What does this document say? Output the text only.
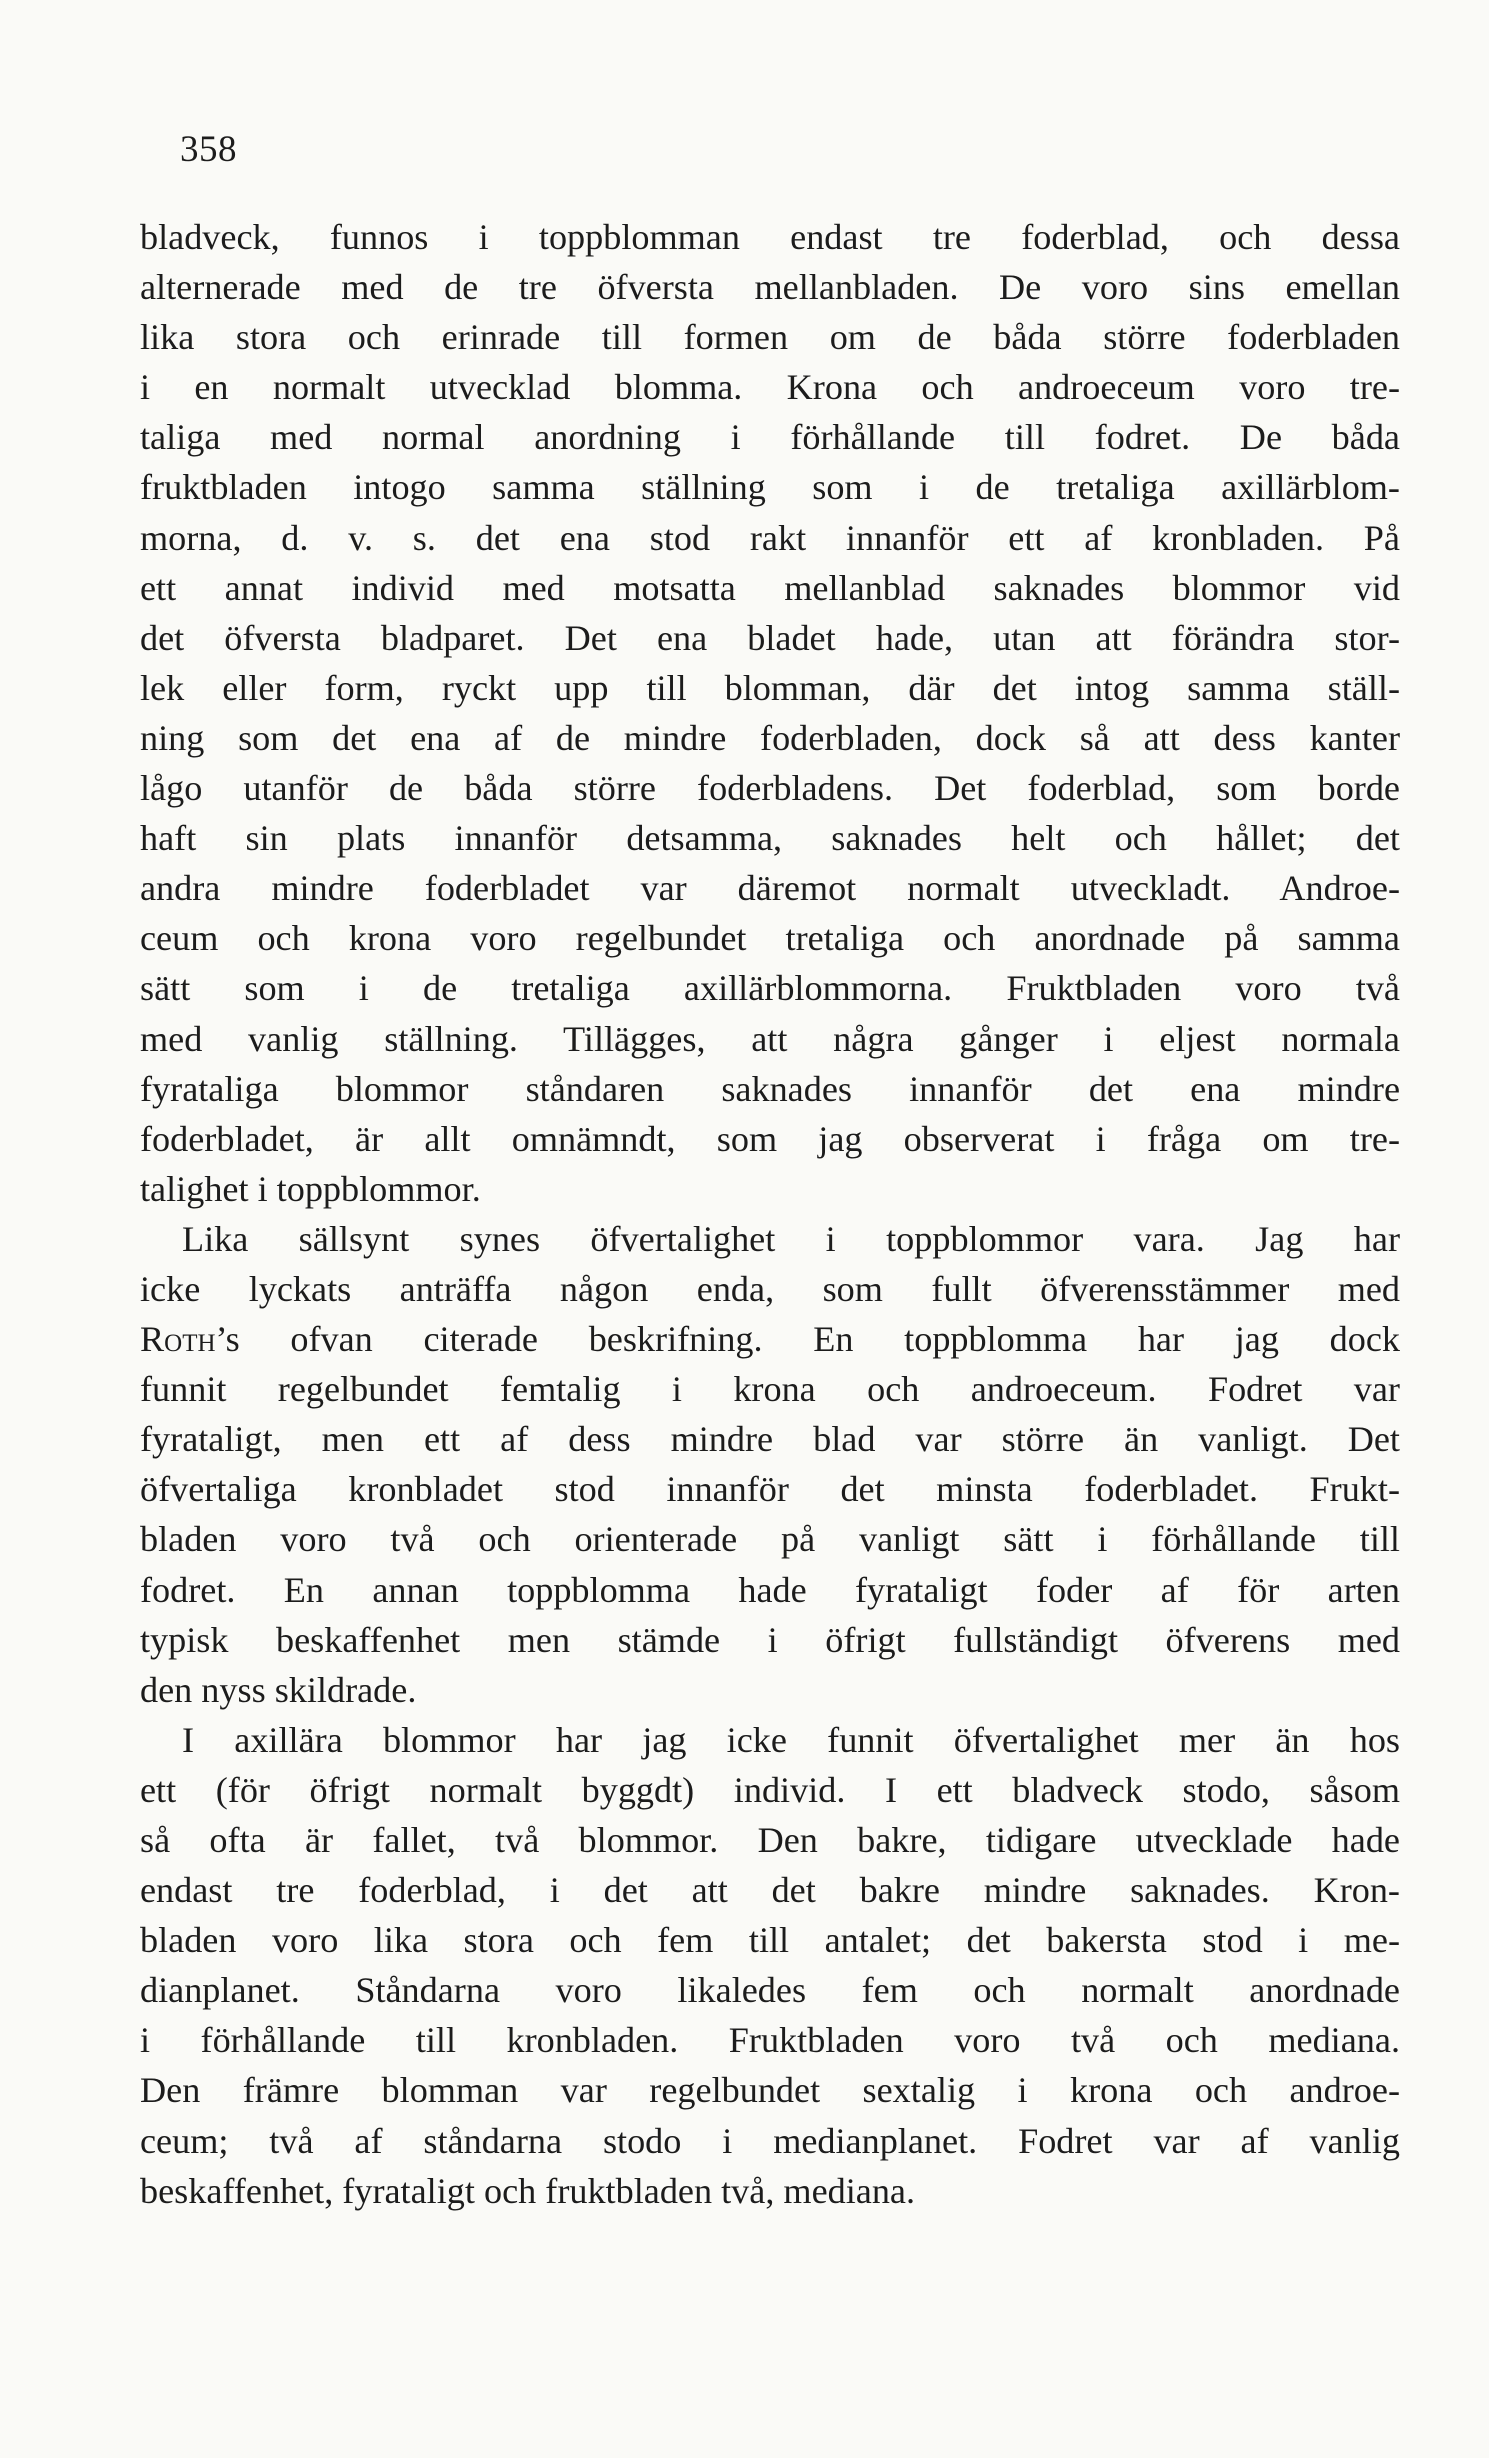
358
bladveck, funnos i toppblomman endast tre foderblad, och dessa
alternerade med de tre öfversta mellanbladen. De voro sins emellan
lika stora och erinrade till formen om de båda större foderbladen
i en normalt utvecklad blomma. Krona och androeceum voro tre-
taliga med normal anordning i förhållande till fodret. De båda
fruktbladen intogo samma ställning som i de tretaliga axillärblom-
morna, d. v. s. det ena stod rakt innanför ett af kronbladen. På
ett annat individ med motsatta mellanblad saknades blommor vid
det öfversta bladparet. Det ena bladet hade, utan att förändra stor-
lek eller form, ryckt upp till blomman, där det intog samma ställ-
ning som det ena af de mindre foderbladen, dock så att dess kanter
lågo utanför de båda större foderbladens. Det foderblad, som borde
haft sin plats innanför detsamma, saknades helt och hållet; det
andra mindre foderbladet var däremot normalt utveckladt. Androe-
ceum och krona voro regelbundet tretaliga och anordnade på samma
sätt som i de tretaliga axillärblommorna. Fruktbladen voro två
med vanlig ställning. Tillägges, att några gånger i eljest normala
fyrataliga blommor ståndaren saknades innanför det ena mindre
foderbladet, är allt omnämndt, som jag observerat i fråga om tre-
talighet i toppblommor.
Lika sällsynt synes öfvertalighet i toppblommor vara. Jag har
icke lyckats anträffa någon enda, som fullt öfverensstämmer med
Roth’s ofvan citerade beskrifning. En toppblomma har jag dock
funnit regelbundet femtalig i krona och androeceum. Fodret var
fyrataligt, men ett af dess mindre blad var större än vanligt. Det
öfvertaliga kronbladet stod innanför det minsta foderbladet. Frukt-
bladen voro två och orienterade på vanligt sätt i förhållande till
fodret. En annan toppblomma hade fyrataligt foder af för arten
typisk beskaffenhet men stämde i öfrigt fullständigt öfverens med
den nyss skildrade.
I axillära blommor har jag icke funnit öfvertalighet mer än hos
ett (för öfrigt normalt byggdt) individ. I ett bladveck stodo, såsom
så ofta är fallet, två blommor. Den bakre, tidigare utvecklade hade
endast tre foderblad, i det att det bakre mindre saknades. Kron-
bladen voro lika stora och fem till antalet; det bakersta stod i me-
dianplanet. Ståndarna voro likaledes fem och normalt anordnade
i förhållande till kronbladen. Fruktbladen voro två och mediana.
Den främre blomman var regelbundet sextalig i krona och androe-
ceum; två af ståndarna stodo i medianplanet. Fodret var af vanlig
beskaffenhet, fyrataligt och fruktbladen två, mediana.
